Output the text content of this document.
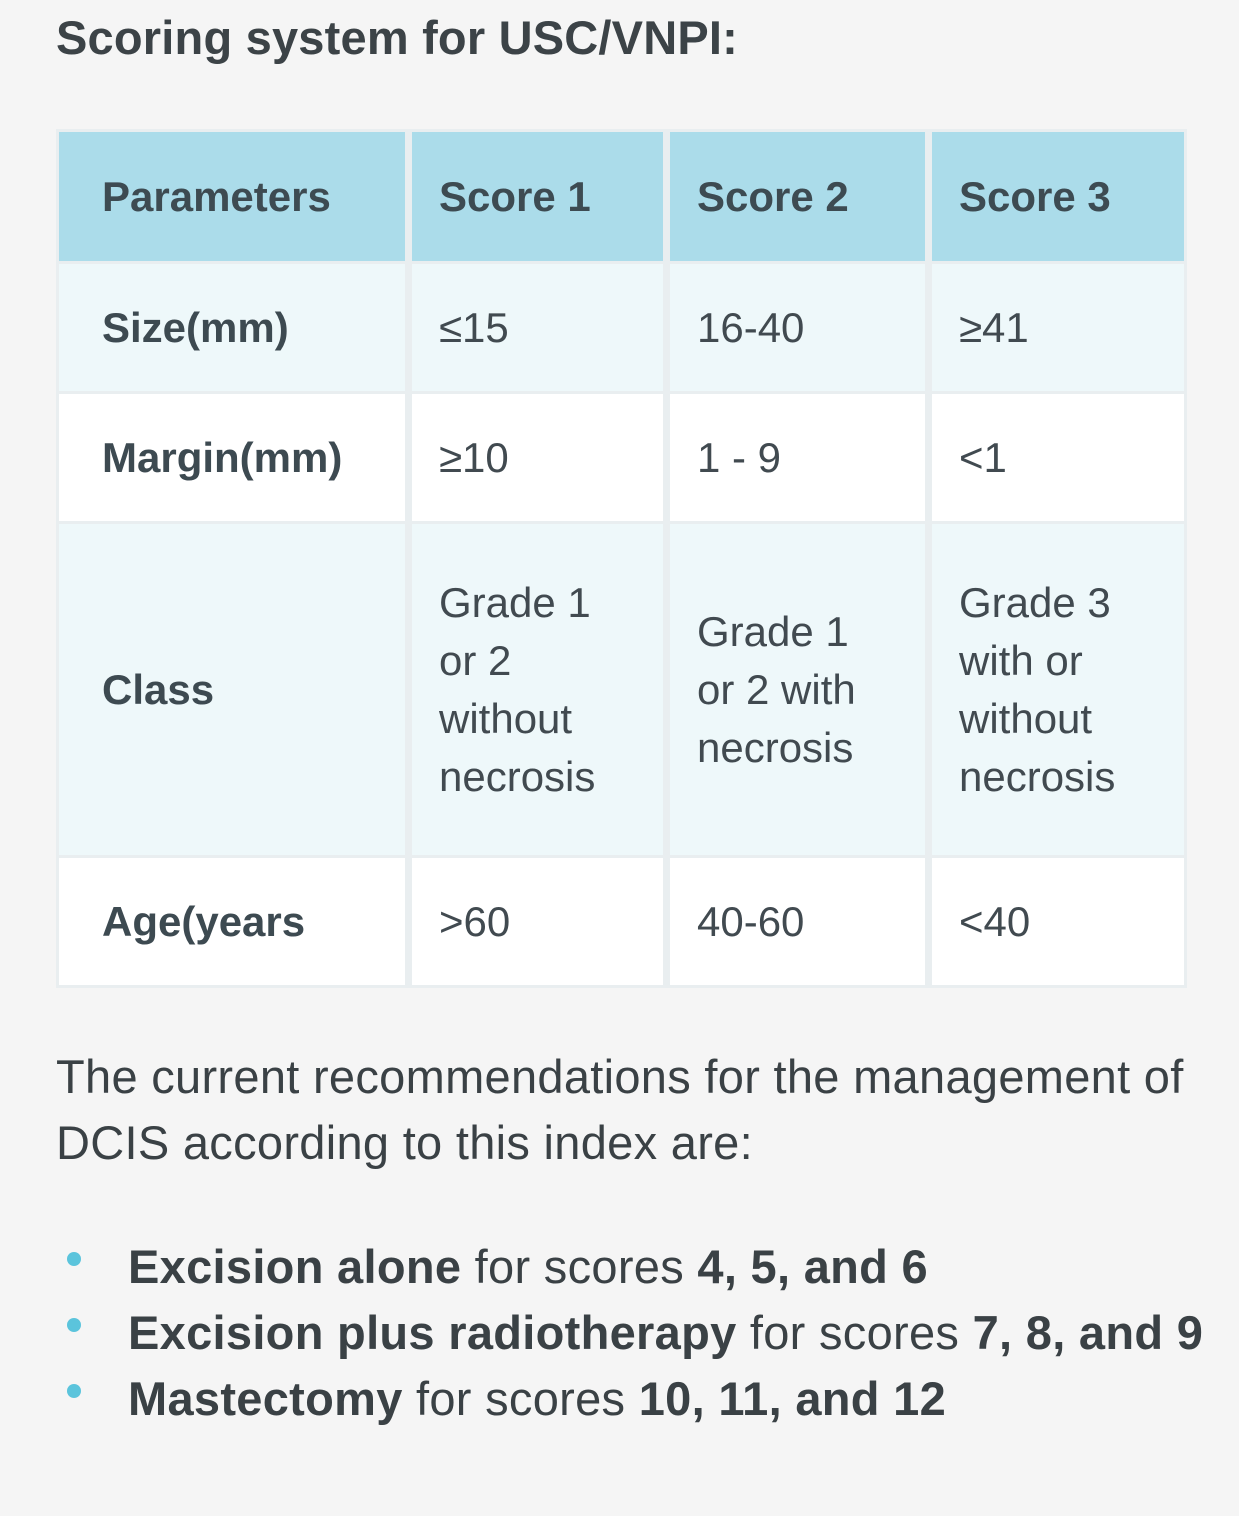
Scoring system for USC/VNPI:
Parameters	Score 1	Score 2	Score 3
Size(mm)	≤15	16-40	≥41
Margin(mm)	≥10	1 - 9	<1
Class	Grade 1 or 2 without necrosis	Grade 1 or 2 with necrosis	Grade 3 with or without necrosis
Age(years	>60	40-60	<40

The current recommendations for the management of DCIS according to this index are:

Excision alone for scores 4, 5, and 6
Excision plus radiotherapy for scores 7, 8, and 9
Mastectomy for scores 10, 11, and 12
